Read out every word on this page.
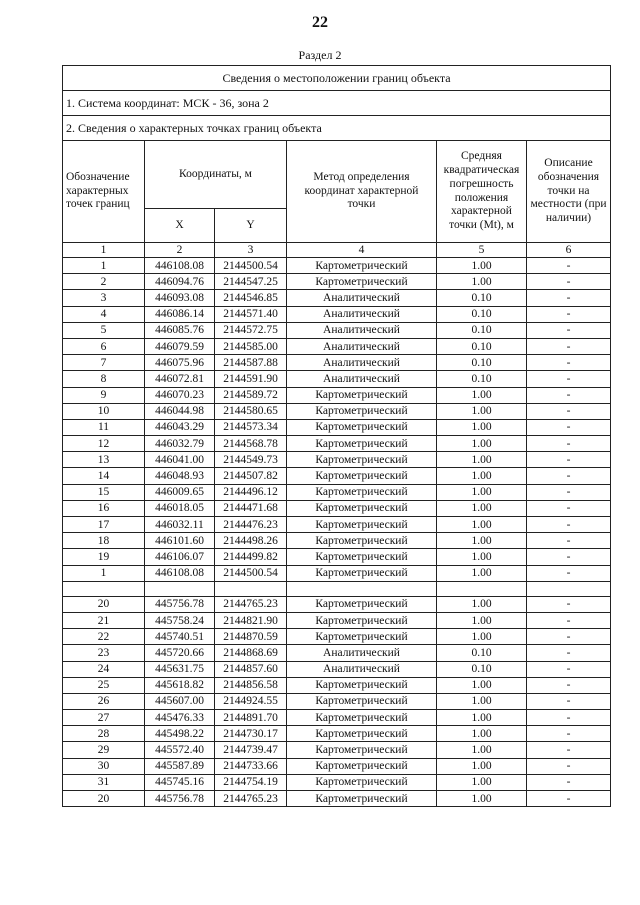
22
Раздел 2
Сведения о местоположении границ объекта					
1. Система координат: МСК - 36, зона 2					
2. Сведения о характерных точках границ объекта					
Обозначение характерных точек границ	Координаты, м		Метод определения координат характерной точки	Средняя квадратическая погрешность положения характерной точки (Mt), м	Описание обозначения точки на местности (при наличии)
	X	Y			
1	2	3	4	5	6
1	446108.08	2144500.54	Картометрический	1.00	-
2	446094.76	2144547.25	Картометрический	1.00	-
3	446093.08	2144546.85	Аналитический	0.10	-
4	446086.14	2144571.40	Аналитический	0.10	-
5	446085.76	2144572.75	Аналитический	0.10	-
6	446079.59	2144585.00	Аналитический	0.10	-
7	446075.96	2144587.88	Аналитический	0.10	-
8	446072.81	2144591.90	Аналитический	0.10	-
9	446070.23	2144589.72	Картометрический	1.00	-
10	446044.98	2144580.65	Картометрический	1.00	-
11	446043.29	2144573.34	Картометрический	1.00	-
12	446032.79	2144568.78	Картометрический	1.00	-
13	446041.00	2144549.73	Картометрический	1.00	-
14	446048.93	2144507.82	Картометрический	1.00	-
15	446009.65	2144496.12	Картометрический	1.00	-
16	446018.05	2144471.68	Картометрический	1.00	-
17	446032.11	2144476.23	Картометрический	1.00	-
18	446101.60	2144498.26	Картометрический	1.00	-
19	446106.07	2144499.82	Картометрический	1.00	-
1	446108.08	2144500.54	Картометрический	1.00	-

20	445756.78	2144765.23	Картометрический	1.00	-
21	445758.24	2144821.90	Картометрический	1.00	-
22	445740.51	2144870.59	Картометрический	1.00	-
23	445720.66	2144868.69	Аналитический	0.10	-
24	445631.75	2144857.60	Аналитический	0.10	-
25	445618.82	2144856.58	Картометрический	1.00	-
26	445607.00	2144924.55	Картометрический	1.00	-
27	445476.33	2144891.70	Картометрический	1.00	-
28	445498.22	2144730.17	Картометрический	1.00	-
29	445572.40	2144739.47	Картометрический	1.00	-
30	445587.89	2144733.66	Картометрический	1.00	-
31	445745.16	2144754.19	Картометрический	1.00	-
20	445756.78	2144765.23	Картометрический	1.00	-
